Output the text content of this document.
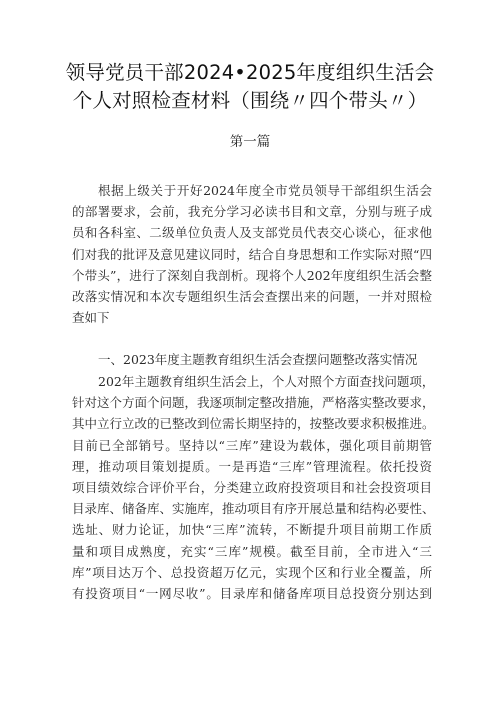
领导党员干部2024•2025年度组织生活会
个人对照检查材料（围绕〃四个带头〃）
第一篇
根据上级关于开好2024年度全市党员领导干部组织生活会
的部署要求，会前，我充分学习必读书目和文章，分别与班子成
员和各科室、二级单位负责人及支部党员代表交心谈心，征求他
们对我的批评及意见建议同时，结合自身思想和工作实际对照“四
个带头”，进行了深刻自我剖析。现将个人202年度组织生活会整
改落实情况和本次专题组织生活会查摆出来的问题，一并对照检
查如下
一、2023年度主题教育组织生活会查摆问题整改落实情况
202年主题教育组织生活会上，个人对照个方面查找问题项，
针对这个方面个问题，我逐项制定整改措施，严格落实整改要求，
其中立行立改的已整改到位需长期坚持的，按整改要求积极推进。
目前已全部销号。坚持以“三库”建设为载体，强化项目前期管
理，推动项目策划提质。一是再造“三库”管理流程。依托投资
项目绩效综合评价平台，分类建立政府投资项目和社会投资项目
目录库、储备库、实施库，推动项目有序开展总量和结构必要性、
选址、财力论证，加快“三库”流转，不断提升项目前期工作质
量和项目成熟度，充实“三库”规模。截至目前，全市进入“三
库”项目达万个、总投资超万亿元，实现个区和行业全覆盖，所
有投资项目“一网尽收”。目录库和储备库项目总投资分别达到
